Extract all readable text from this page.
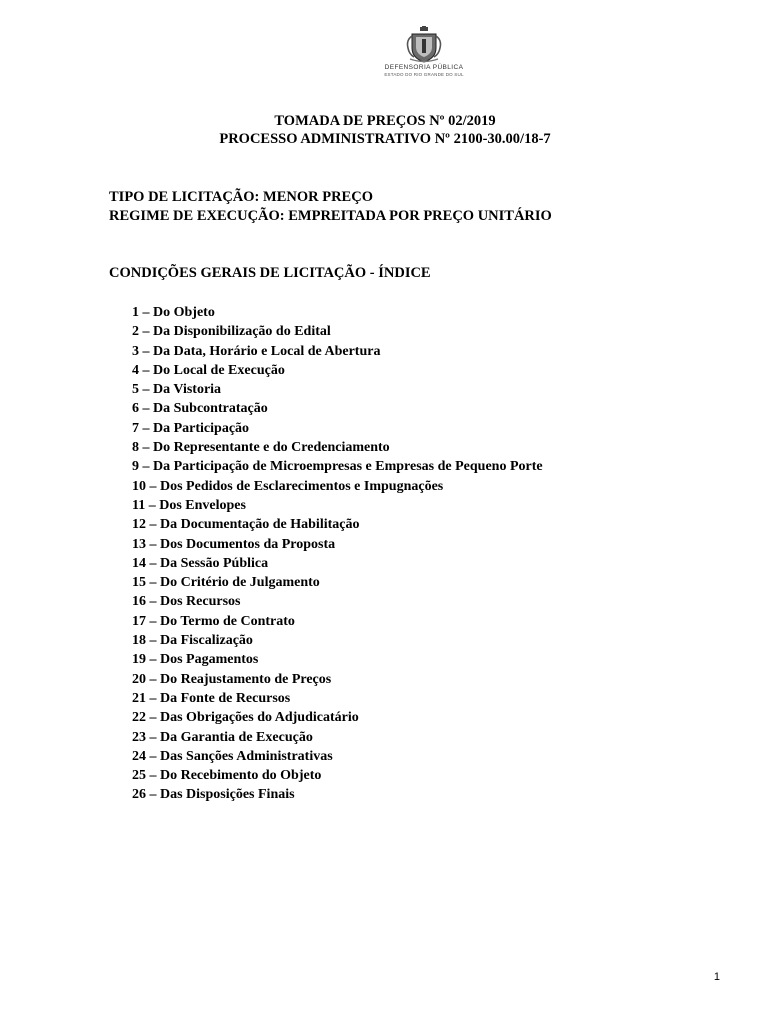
DEFENSORIA PÚBLICA
ESTADO DO RIO GRANDE DO SUL
TOMADA DE PREÇOS Nº 02/2019
PROCESSO ADMINISTRATIVO Nº 2100-30.00/18-7
TIPO DE LICITAÇÃO: MENOR PREÇO
REGIME DE EXECUÇÃO: EMPREITADA POR PREÇO UNITÁRIO
CONDIÇÕES GERAIS DE LICITAÇÃO - ÍNDICE
1 – Do Objeto
2 – Da Disponibilização do Edital
3 – Da Data, Horário e Local de Abertura
4 – Do Local de Execução
5 – Da Vistoria
6 – Da Subcontratação
7 – Da Participação
8 – Do Representante e do Credenciamento
9 – Da Participação de Microempresas e Empresas de Pequeno Porte
10 – Dos Pedidos de Esclarecimentos e Impugnações
11 – Dos Envelopes
12 – Da Documentação de Habilitação
13 – Dos Documentos da Proposta
14 – Da Sessão Pública
15 – Do Critério de Julgamento
16 – Dos Recursos
17 – Do Termo de Contrato
18 – Da Fiscalização
19 – Dos Pagamentos
20 – Do Reajustamento de Preços
21 – Da Fonte de Recursos
22 – Das Obrigações do Adjudicatário
23 – Da Garantia de Execução
24 – Das Sanções Administrativas
25 – Do Recebimento do Objeto
26 – Das Disposições Finais
1
